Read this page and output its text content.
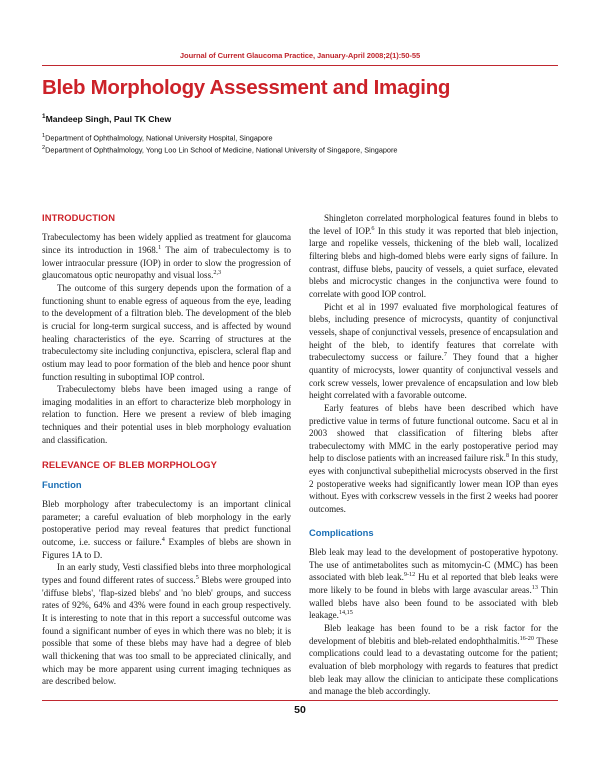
Journal of Current Glaucoma Practice, January-April 2008;2(1):50-55
Bleb Morphology Assessment and Imaging
$^1$Mandeep Singh, Paul TK Chew
$^1$Department of Ophthalmology, National University Hospital, Singapore
$^2$Department of Ophthalmology, Yong Loo Lin School of Medicine, National University of Singapore, Singapore
INTRODUCTION

Trabeculectomy has been widely applied as treatment for glaucoma since its introduction in 1968.$^1$ The aim of trabeculectomy is to lower intraocular pressure (IOP) in order to slow the progression of glaucomatous optic neuropathy and visual loss.$^{2,3}$

The outcome of this surgery depends upon the formation of a functioning shunt to enable egress of aqueous from the eye, leading to the development of a filtration bleb. The development of the bleb is crucial for long-term surgical success, and is affected by wound healing characteristics of the eye. Scarring of structures at the trabeculectomy site including conjunctiva, episclera, scleral flap and ostium may lead to poor formation of the bleb and hence poor shunt function resulting in suboptimal IOP control.

Trabeculectomy blebs have been imaged using a range of imaging modalities in an effort to characterize bleb morphology in relation to function. Here we present a review of bleb imaging techniques and their potential uses in bleb morphology evaluation and classification.

RELEVANCE OF BLEB MORPHOLOGY
Function

Bleb morphology after trabeculectomy is an important clinical parameter; a careful evaluation of bleb morphology in the early postoperative period may reveal features that predict functional outcome, i.e. success or failure.$^4$ Examples of blebs are shown in Figures 1A to D.

In an early study, Vesti classified blebs into three morphological types and found different rates of success.$^5$ Blebs were grouped into 'diffuse blebs', 'flap-sized blebs' and 'no bleb' groups, and success rates of 92%, 64% and 43% were found in each group respectively. It is interesting to note that in this report a successful outcome was found a significant number of eyes in which there was no bleb; it is possible that some of these blebs may have had a degree of bleb wall thickening that was too small to be appreciated clinically, and which may be more apparent using current imaging techniques as are described below.

Shingleton correlated morphological features found in blebs to the level of IOP.$^6$ In this study it was reported that bleb injection, large and ropelike vessels, thickening of the bleb wall, localized filtering blebs and high-domed blebs were early signs of failure. In contrast, diffuse blebs, paucity of vessels, a quiet surface, elevated blebs and microcystic changes in the conjunctiva were found to correlate with good IOP control.

Picht et al in 1997 evaluated five morphological features of blebs, including presence of microcysts, quantity of conjunctival vessels, shape of conjunctival vessels, presence of encapsulation and height of the bleb, to identify features that correlate with trabeculectomy success or failure.$^7$ They found that a higher quantity of microcysts, lower quantity of conjunctival vessels and cork screw vessels, lower prevalence of encapsulation and low bleb height correlated with a favorable outcome.

Early features of blebs have been described which have predictive value in terms of future functional outcome. Sacu et al in 2003 showed that classification of filtering blebs after trabeculectomy with MMC in the early postoperative period may help to disclose patients with an increased failure risk.$^8$ In this study, eyes with conjunctival subepithelial microcysts observed in the first 2 postoperative weeks had significantly lower mean IOP than eyes without. Eyes with corkscrew vessels in the first 2 weeks had poorer outcomes.

Complications

Bleb leak may lead to the development of postoperative hypotony. The use of antimetabolites such as mitomycin-C (MMC) has been associated with bleb leak.$^{9-12}$ Hu et al reported that bleb leaks were more likely to be found in blebs with large avascular areas.$^{13}$ Thin walled blebs have also been found to be associated with bleb leakage.$^{14,15}$

Bleb leakage has been found to be a risk factor for the development of blebitis and bleb-related endophthalmitis.$^{16-20}$ These complications could lead to a devastating outcome for the patient; evaluation of bleb morphology with regards to features that predict bleb leak may allow the clinician to anticipate these complications and manage the bleb accordingly.

50
